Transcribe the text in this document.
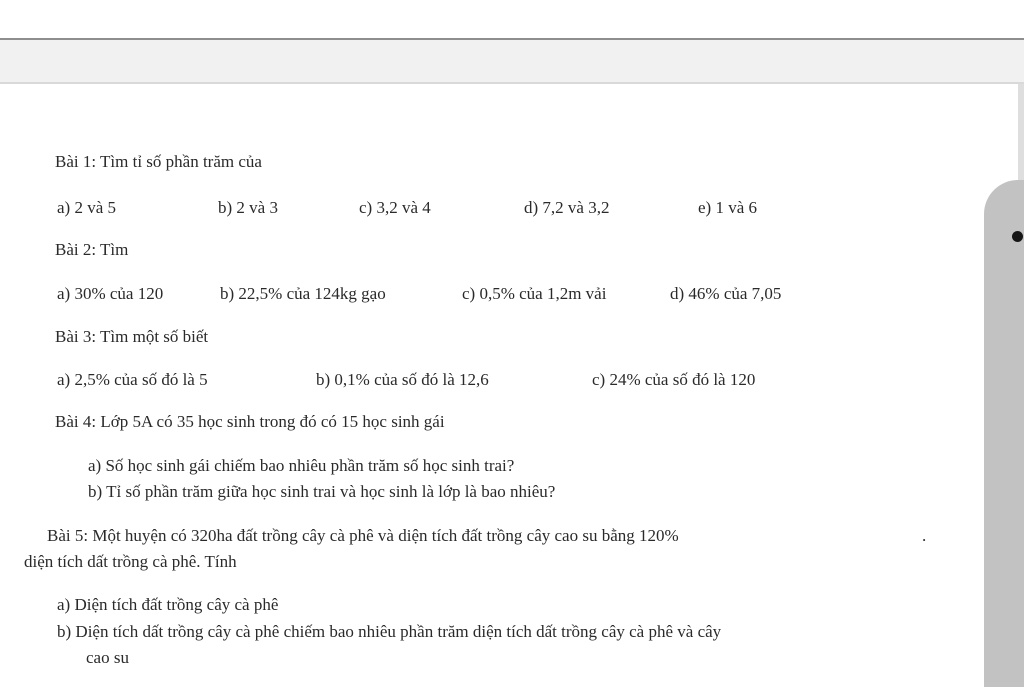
Bài 1: Tìm tỉ số phần trăm của
a) 2 và 5	b) 2 và 3	c) 3,2 và 4	d) 7,2 và 3,2	e) 1 và 6
Bài 2: Tìm
a) 30% của 120	b) 22,5% của 124kg gạo	c) 0,5% của 1,2m vải	d) 46% của 7,05
Bài 3: Tìm một số biết
a) 2,5% của số đó là 5	b) 0,1% của số đó là 12,6	c) 24% của số đó là 120
Bài 4: Lớp 5A có 35 học sinh trong đó có 15 học sinh gái
a) Số học sinh gái chiếm bao nhiêu phần trăm số học sinh trai?
b) Tỉ số phần trăm giữa học sinh trai và học sinh là lớp là bao nhiêu?
Bài 5: Một huyện có 320ha đất trồng cây cà phê và diện tích đất trồng cây cao su bằng 120%	.
diện tích dất trồng cà phê. Tính
a) Diện tích đất trồng cây cà phê
b) Diện tích dất trồng cây cà phê chiếm bao nhiêu phần trăm diện tích dất trồng cây cà phê và cây
cao su
